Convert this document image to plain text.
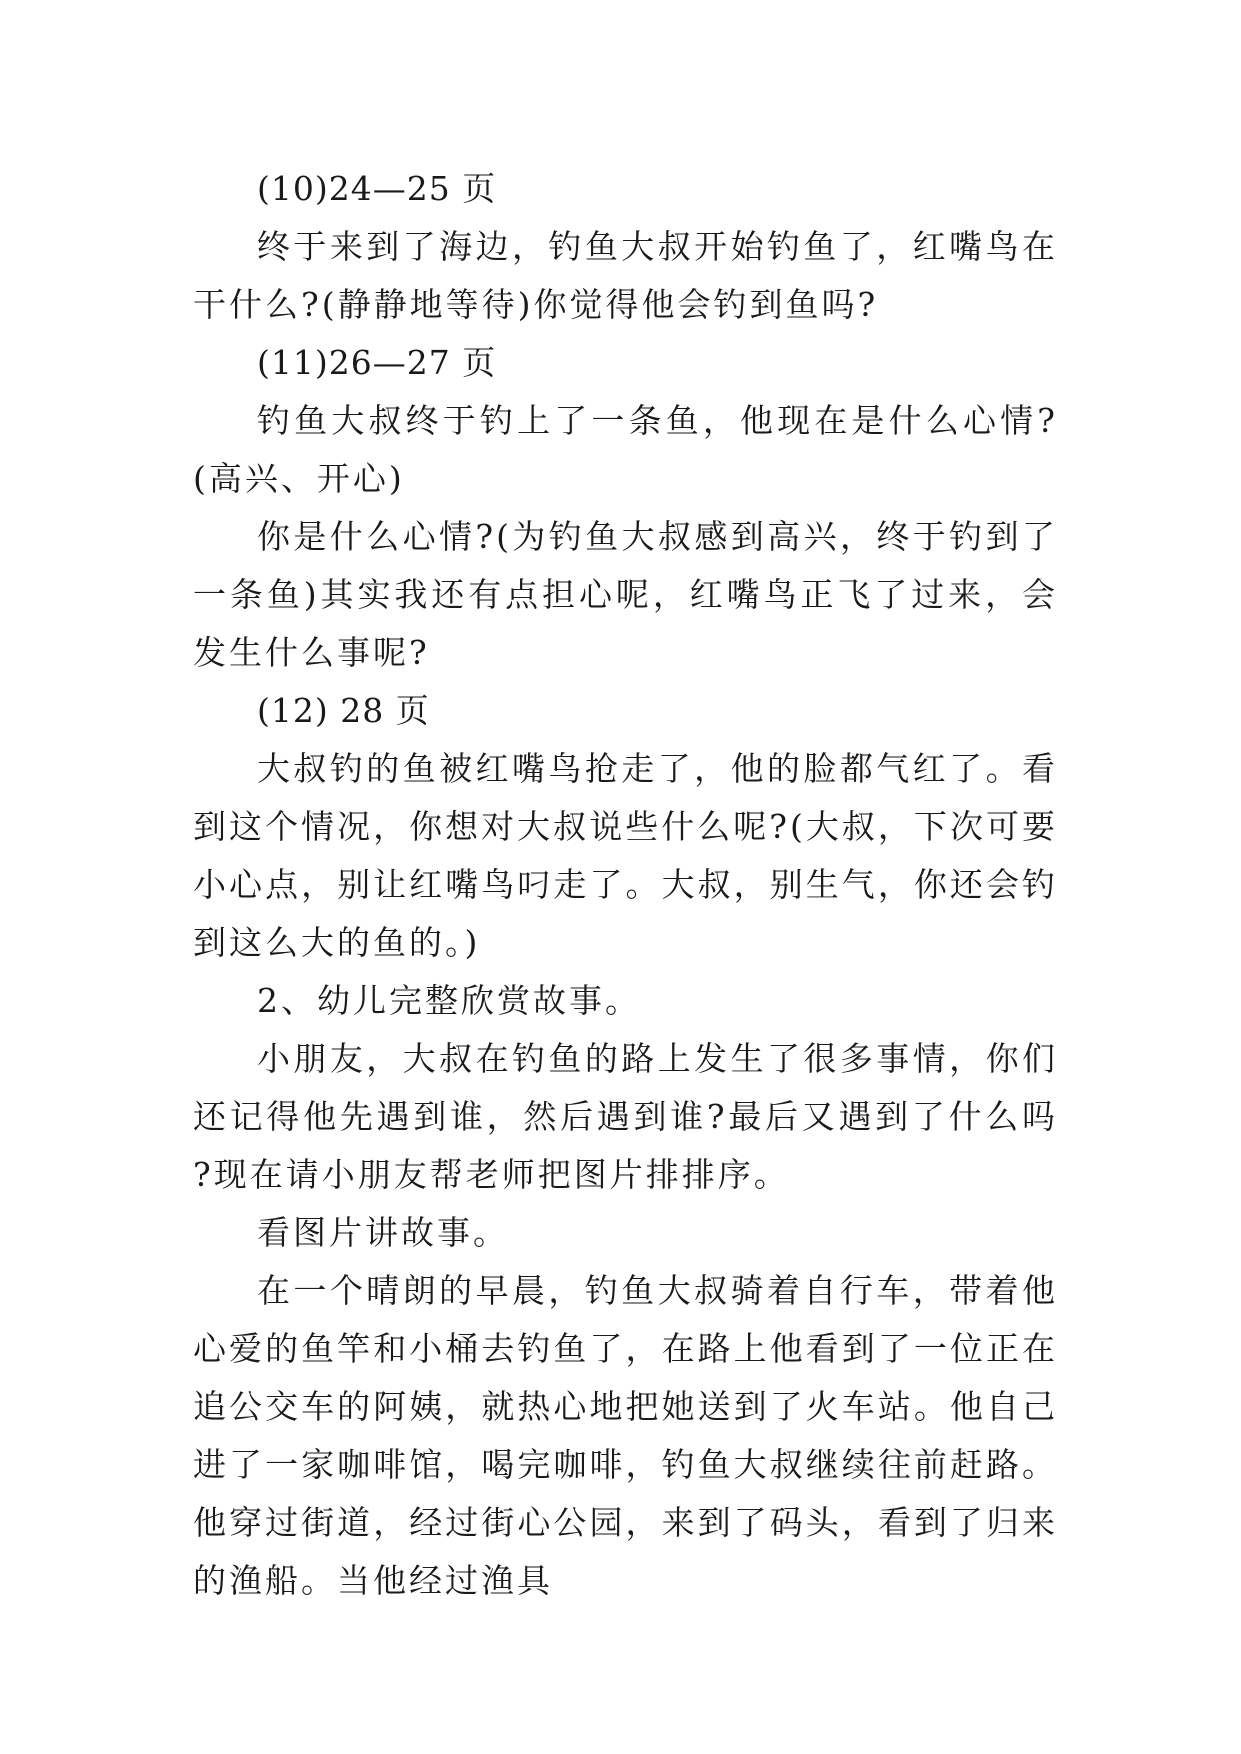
(10)24—25 页

终于来到了海边，钓鱼大叔开始钓鱼了，红嘴鸟在干什么?(静静地等待)你觉得他会钓到鱼吗?

(11)26—27 页

钓鱼大叔终于钓上了一条鱼，他现在是什么心情? (高兴、开心)

你是什么心情?(为钓鱼大叔感到高兴，终于钓到了一条鱼)其实我还有点担心呢，红嘴鸟正飞了过来，会发生什么事呢?

(12) 28 页

大叔钓的鱼被红嘴鸟抢走了，他的脸都气红了。看到这个情况，你想对大叔说些什么呢?(大叔，下次可要小心点，别让红嘴鸟叼走了。大叔，别生气，你还会钓到这么大的鱼的。)

2、幼儿完整欣赏故事。

小朋友，大叔在钓鱼的路上发生了很多事情，你们还记得他先遇到谁，然后遇到谁?最后又遇到了什么吗?现在请小朋友帮老师把图片排排序。

看图片讲故事。

在一个晴朗的早晨，钓鱼大叔骑着自行车，带着他心爱的鱼竿和小桶去钓鱼了，在路上他看到了一位正在追公交车的阿姨，就热心地把她送到了火车站。他自己进了一家咖啡馆，喝完咖啡，钓鱼大叔继续往前赶路。他穿过街道，经过街心公园，来到了码头，看到了归来的渔船。当他经过渔具
